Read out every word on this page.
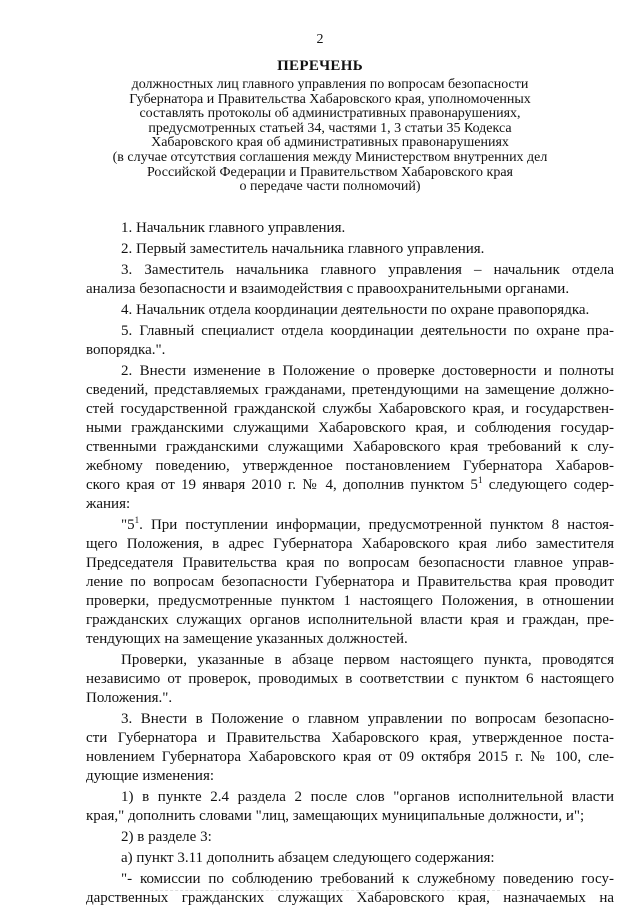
2
ПЕРЕЧЕНЬ
должностных лиц главного управления по вопросам безопасности
Губернатора и Правительства Хабаровского края, уполномоченных
составлять протоколы об административных правонарушениях,
предусмотренных статьей 34, частями 1, 3 статьи 35 Кодекса
Хабаровского края об административных правонарушениях
(в случае отсутствия соглашения между Министерством внутренних дел
Российской Федерации и Правительством Хабаровского края
о передаче части полномочий)
1. Начальник главного управления.
2. Первый заместитель начальника главного управления.
3. Заместитель начальника главного управления – начальник отдела
анализа безопасности и взаимодействия с правоохранительными органами.
4. Начальник отдела координации деятельности по охране правопорядка.
5. Главный специалист отдела координации деятельности по охране пра-
вопорядка.".
2. Внести изменение в Положение о проверке достоверности и полноты
сведений, представляемых гражданами, претендующими на замещение должно-
стей государственной гражданской службы Хабаровского края, и государствен-
ными гражданскими служащими Хабаровского края, и соблюдения государ-
ственными гражданскими служащими Хабаровского края требований к слу-
жебному поведению, утвержденное постановлением Губернатора Хабаров-
ского края от 19 января 2010 г. № 4, дополнив пунктом $5^1$ следующего содер-
жания:
"$5^1$. При поступлении информации, предусмотренной пунктом 8 настоя-
щего Положения, в адрес Губернатора Хабаровского края либо заместителя
Председателя Правительства края по вопросам безопасности главное управ-
ление по вопросам безопасности Губернатора и Правительства края проводит
проверки, предусмотренные пунктом 1 настоящего Положения, в отношении
гражданских служащих органов исполнительной власти края и граждан, пре-
тендующих на замещение указанных должностей.
Проверки, указанные в абзаце первом настоящего пункта, проводятся
независимо от проверок, проводимых в соответствии с пунктом 6 настоящего
Положения.".
3. Внести в Положение о главном управлении по вопросам безопасно-
сти Губернатора и Правительства Хабаровского края, утвержденное поста-
новлением Губернатора Хабаровского края от 09 октября 2015 г. № 100, сле-
дующие изменения:
1) в пункте 2.4 раздела 2 после слов "органов исполнительной власти
края," дополнить словами "лиц, замещающих муниципальные должности, и";
2) в разделе 3:
а) пункт 3.11 дополнить абзацем следующего содержания:
"- комиссии по соблюдению требований к служебному поведению госу-
дарственных гражданских служащих Хабаровского края, назначаемых на
